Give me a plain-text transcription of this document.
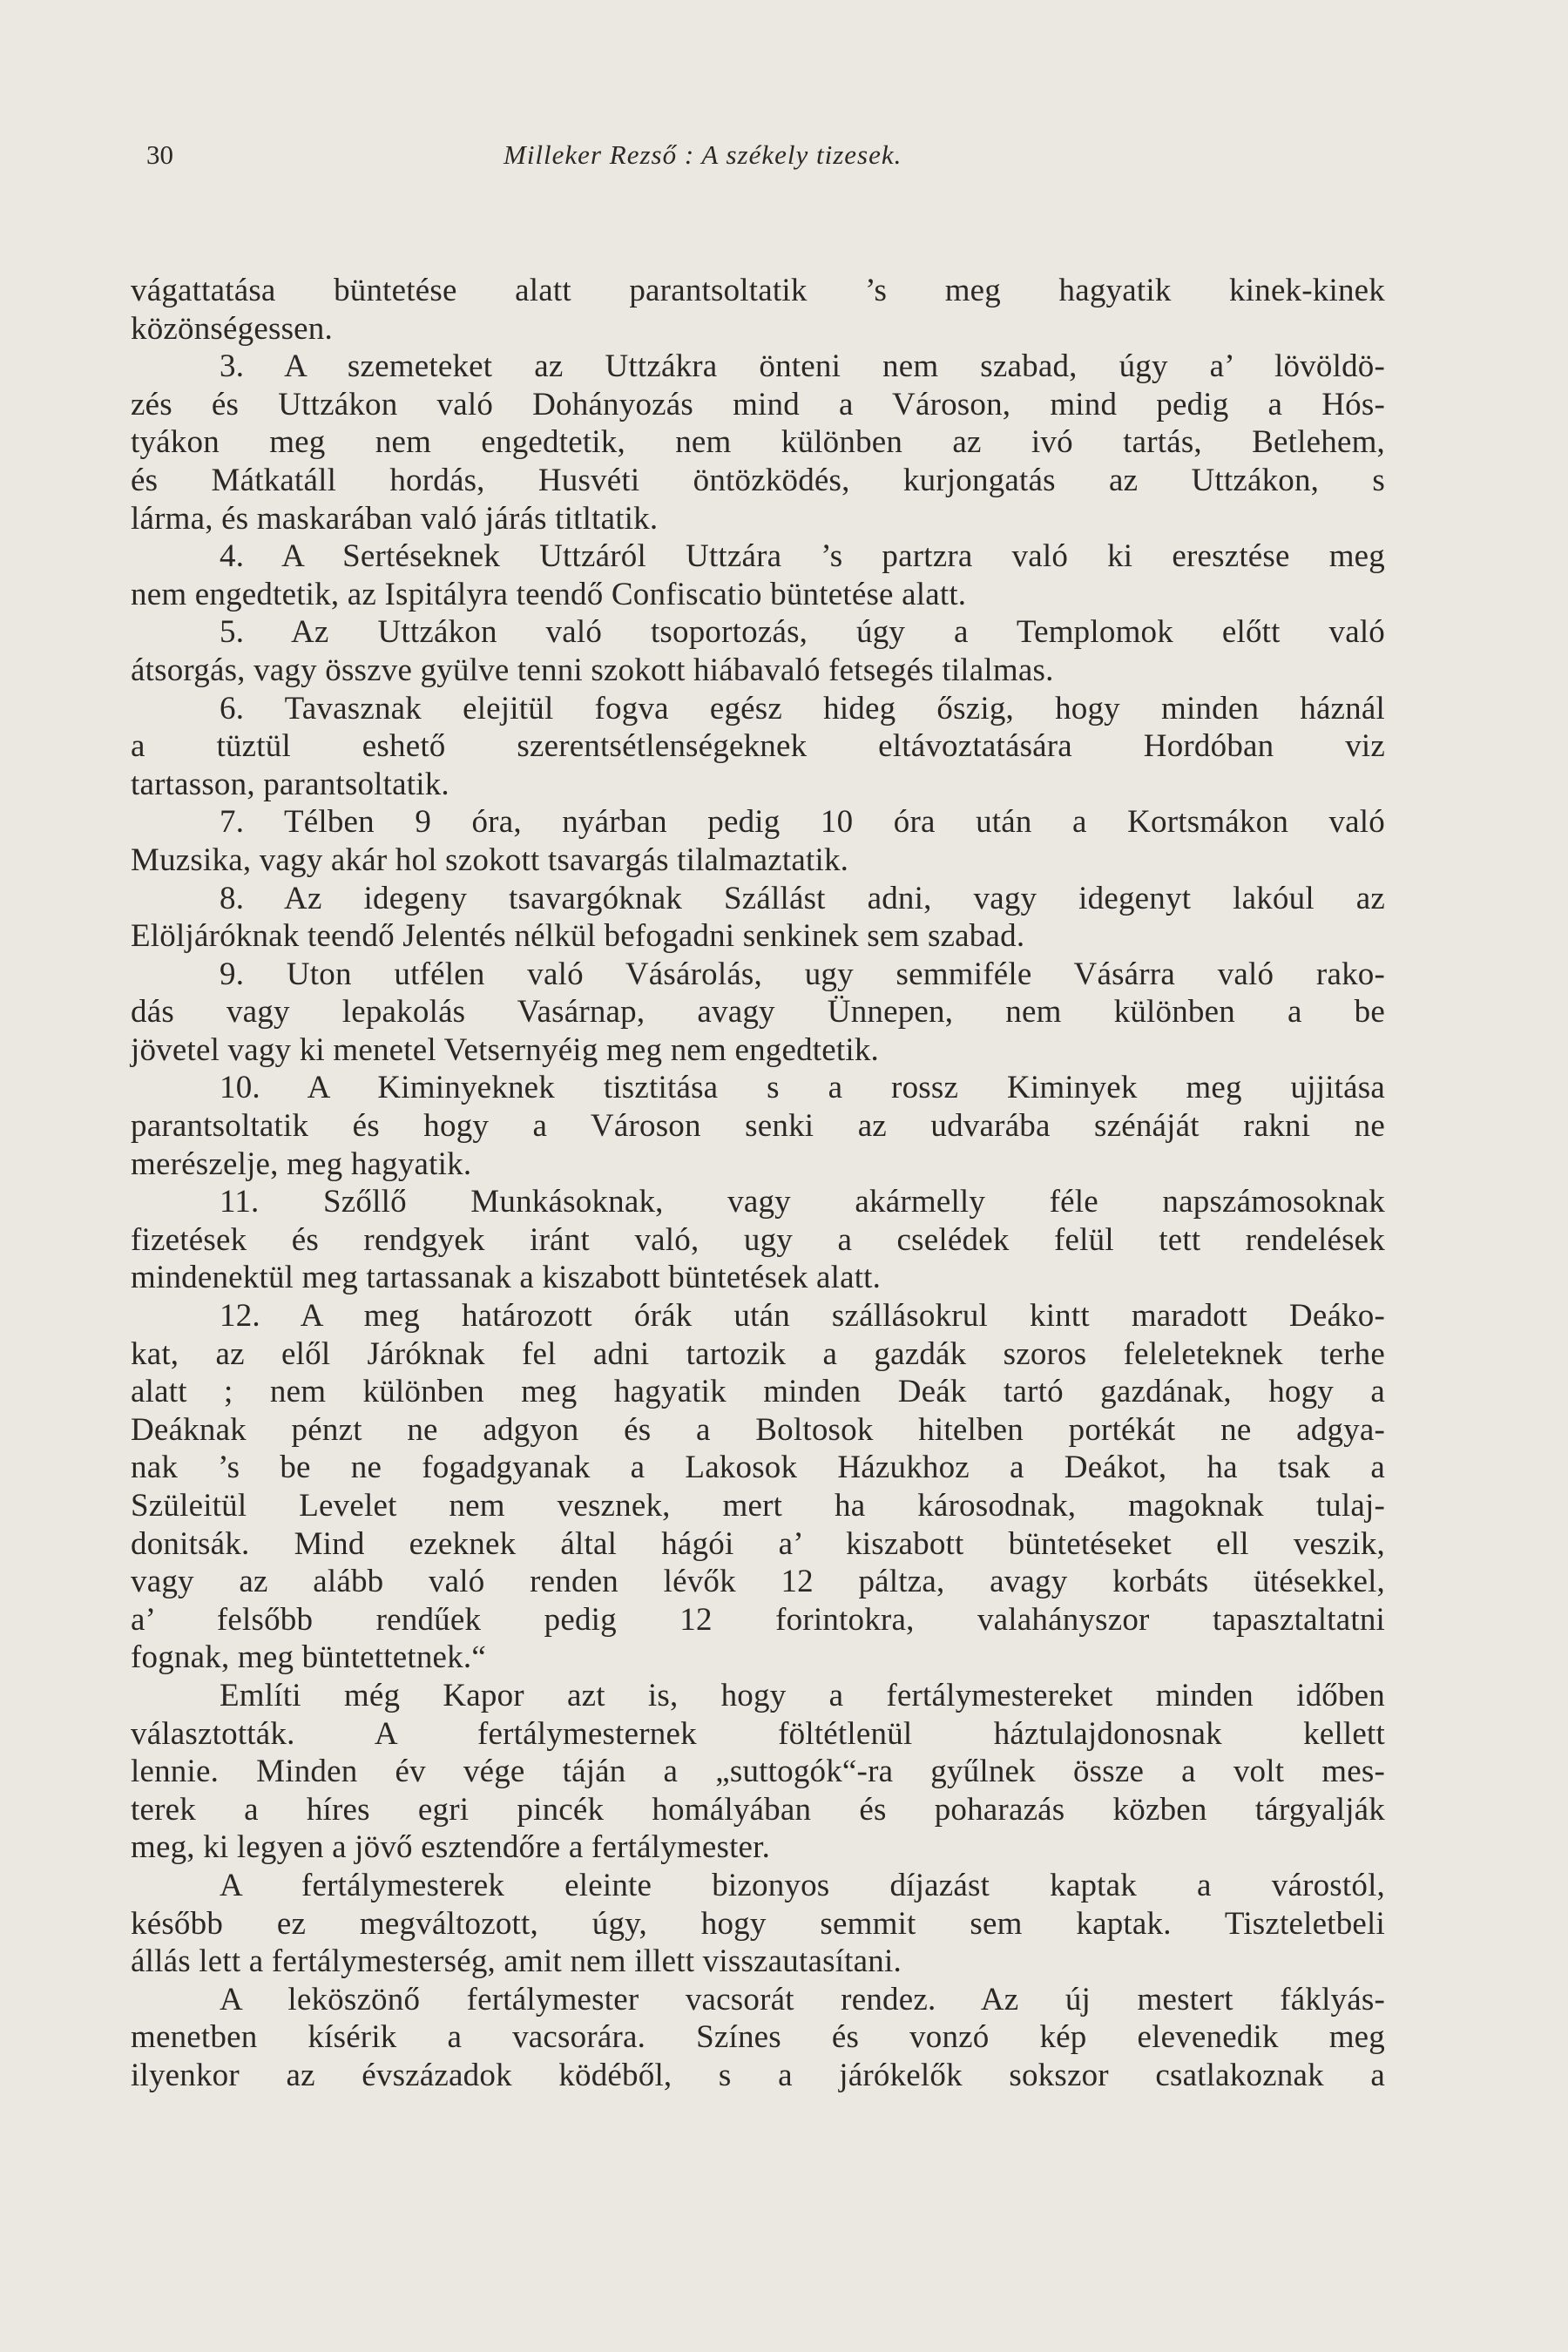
30	Milleker Rezső : A székely tizesek.
vágattatása büntetése alatt parantsoltatik ’s meg hagyatik kinek-kinek
közönségessen.
3. A szemeteket az Uttzákra önteni nem szabad, úgy a’ lövöldö-
zés és Uttzákon való Dohányozás mind a Városon, mind pedig a Hós-
tyákon meg nem engedtetik, nem különben az ivó tartás, Betlehem,
és Mátkatáll hordás, Husvéti öntözködés, kurjongatás az Uttzákon, s
lárma, és maskarában való járás titltatik.
4. A Sertéseknek Uttzáról Uttzára ’s partzra való ki eresztése meg
nem engedtetik, az Ispitályra teendő Confiscatio büntetése alatt.
5. Az Uttzákon való tsoportozás, úgy a Templomok előtt való
átsorgás, vagy összve gyülve tenni szokott hiábavaló fetsegés tilalmas.
6. Tavasznak elejitül fogva egész hideg őszig, hogy minden háznál
a tüztül eshető szerentsétlenségeknek eltávoztatására Hordóban viz
tartasson, parantsoltatik.
7. Télben 9 óra, nyárban pedig 10 óra után a Kortsmákon való
Muzsika, vagy akár hol szokott tsavargás tilalmaztatik.
8. Az idegeny tsavargóknak Szállást adni, vagy idegenyt lakóul az
Elöljáróknak teendő Jelentés nélkül befogadni senkinek sem szabad.
9. Uton utfélen való Vásárolás, ugy semmiféle Vásárra való rako-
dás vagy lepakolás Vasárnap, avagy Ünnepen, nem különben a be
jövetel vagy ki menetel Vetsernyéig meg nem engedtetik.
10. A Kiminyeknek tisztitása s a rossz Kiminyek meg ujjitása
parantsoltatik és hogy a Városon senki az udvarába szénáját rakni ne
merészelje, meg hagyatik.
11. Szőllő Munkásoknak, vagy akármelly féle napszámosoknak
fizetések és rendgyek iránt való, ugy a cselédek felül tett rendelések
mindenektül meg tartassanak a kiszabott büntetések alatt.
12. A meg határozott órák után szállásokrul kintt maradott Deáko-
kat, az elől Járóknak fel adni tartozik a gazdák szoros feleleteknek terhe
alatt ; nem különben meg hagyatik minden Deák tartó gazdának, hogy a
Deáknak pénzt ne adgyon és a Boltosok hitelben portékát ne adgya-
nak ’s be ne fogadgyanak a Lakosok Házukhoz a Deákot, ha tsak a
Szüleitül Levelet nem vesznek, mert ha károsodnak, magoknak tulaj-
donitsák. Mind ezeknek által hágói a’ kiszabott büntetéseket ell veszik,
vagy az alább való renden lévők 12 páltza, avagy korbáts ütésekkel,
a’ felsőbb rendűek pedig 12 forintokra, valahányszor tapasztaltatni
fognak, meg büntettetnek.“
Említi még Kapor azt is, hogy a fertálymestereket minden időben
választották. A fertálymesternek föltétlenül háztulajdonosnak kellett
lennie. Minden év vége táján a „suttogók“-ra gyűlnek össze a volt mes-
terek a híres egri pincék homályában és poharazás közben tárgyalják
meg, ki legyen a jövő esztendőre a fertálymester.
A fertálymesterek eleinte bizonyos díjazást kaptak a várostól,
később ez megváltozott, úgy, hogy semmit sem kaptak. Tiszteletbeli
állás lett a fertálymesterség, amit nem illett visszautasítani.
A leköszönő fertálymester vacsorát rendez. Az új mestert fáklyás-
menetben kísérik a vacsorára. Színes és vonzó kép elevenedik meg
ilyenkor az évszázadok ködéből, s a járókelők sokszor csatlakoznak a
